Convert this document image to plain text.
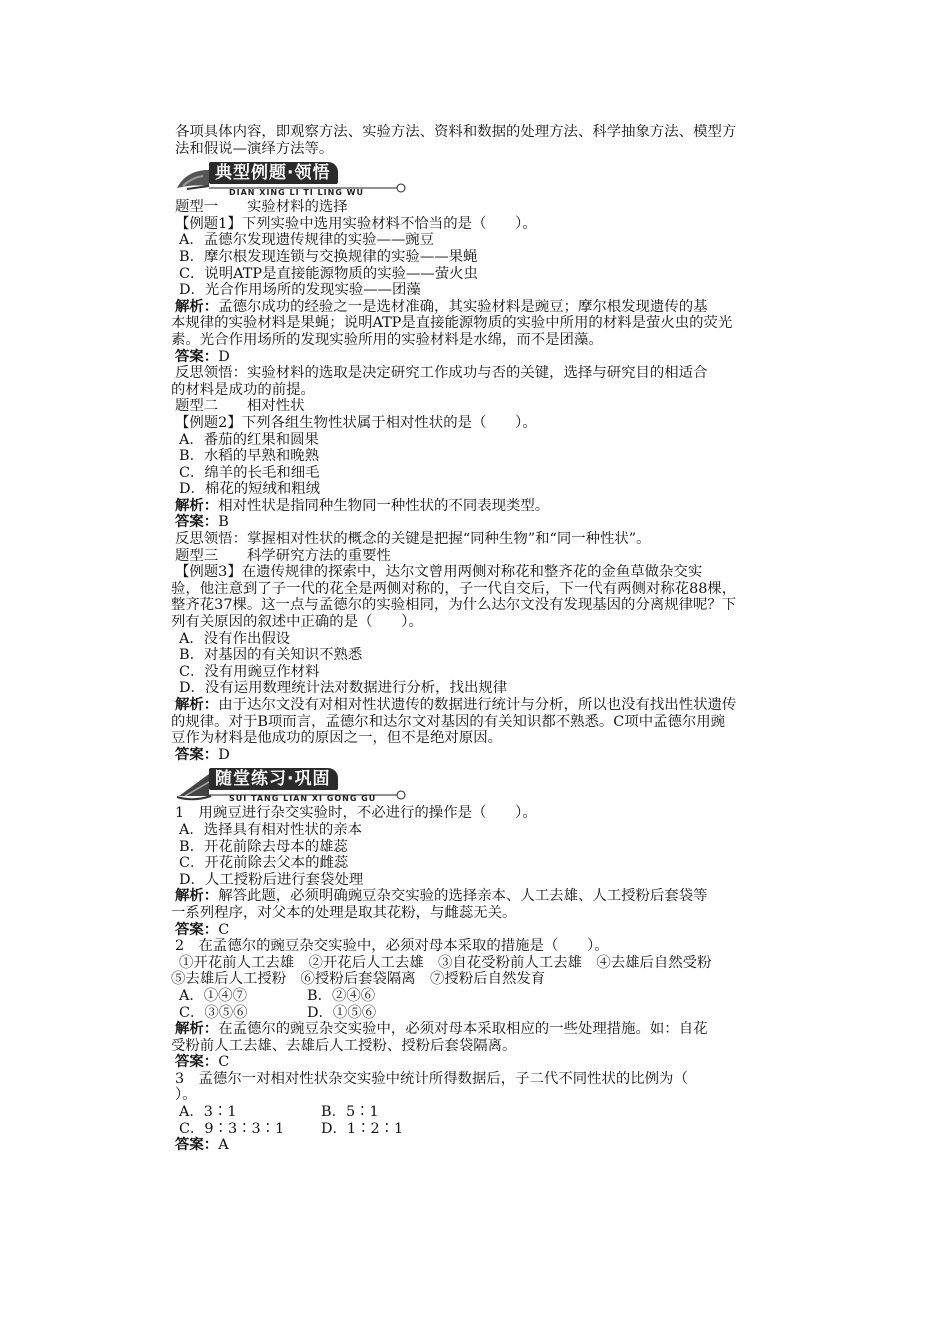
各项具体内容，即观察方法、实验方法、资料和数据的处理方法、科学抽象方法、模型方
法和假说—演绎方法等。
典型例题·领悟
DIAN XING LI TI LING WU
题型一　　实验材料的选择
【例题1】下列实验中选用实验材料不恰当的是（　　）。
A．孟德尔发现遗传规律的实验——豌豆
B．摩尔根发现连锁与交换规律的实验——果蝇
C．说明ATP是直接能源物质的实验——萤火虫
D．光合作用场所的发现实验——团藻
解析：孟德尔成功的经验之一是选材准确，其实验材料是豌豆；摩尔根发现遗传的基
本规律的实验材料是果蝇；说明ATP是直接能源物质的实验中所用的材料是萤火虫的荧光
素。光合作用场所的发现实验所用的实验材料是水绵，而不是团藻。
答案：D
反思领悟：实验材料的选取是决定研究工作成功与否的关键，选择与研究目的相适合
的材料是成功的前提。
题型二　　相对性状
【例题2】下列各组生物性状属于相对性状的是（　　）。
A．番茄的红果和圆果
B．水稻的早熟和晚熟
C．绵羊的长毛和细毛
D．棉花的短绒和粗绒
解析：相对性状是指同种生物同一种性状的不同表现类型。
答案：B
反思领悟：掌握相对性状的概念的关键是把握“同种生物”和“同一种性状”。
题型三　　科学研究方法的重要性
【例题3】在遗传规律的探索中，达尔文曾用两侧对称花和整齐花的金鱼草做杂交实
验，他注意到了子一代的花全是两侧对称的，子一代自交后，下一代有两侧对称花88棵，
整齐花37棵。这一点与孟德尔的实验相同，为什么达尔文没有发现基因的分离规律呢？下
列有关原因的叙述中正确的是（　　）。
A．没有作出假设
B．对基因的有关知识不熟悉
C．没有用豌豆作材料
D．没有运用数理统计法对数据进行分析，找出规律
解析：由于达尔文没有对相对性状遗传的数据进行统计与分析，所以也没有找出性状遗传
的规律。对于B项而言，孟德尔和达尔文对基因的有关知识都不熟悉。C项中孟德尔用豌
豆作为材料是他成功的原因之一，但不是绝对原因。
答案：D
随堂练习·巩固
SUI TANG LIAN XI GONG GU
1　用豌豆进行杂交实验时，不必进行的操作是（　　）。
A．选择具有相对性状的亲本
B．开花前除去母本的雄蕊
C．开花前除去父本的雌蕊
D．人工授粉后进行套袋处理
解析：解答此题，必须明确豌豆杂交实验的选择亲本、人工去雄、人工授粉后套袋等
一系列程序，对父本的处理是取其花粉，与雌蕊无关。
答案：C
2　在孟德尔的豌豆杂交实验中，必须对母本采取的措施是（　　）。
①开花前人工去雄　②开花后人工去雄　③自花受粉前人工去雄　④去雄后自然受粉
⑤去雄后人工授粉　⑥授粉后套袋隔离　⑦授粉后自然发育
A．①④⑦	B．②④⑥
C．③⑤⑥	D．①⑤⑥
解析：在孟德尔的豌豆杂交实验中，必须对母本采取相应的一些处理措施。如：自花
受粉前人工去雄、去雄后人工授粉、授粉后套袋隔离。
答案：C
3　孟德尔一对相对性状杂交实验中统计所得数据后，子二代不同性状的比例为（
）。
A．3∶1	B．5∶1
C．9∶3∶3∶1	D．1∶2∶1
答案：A
